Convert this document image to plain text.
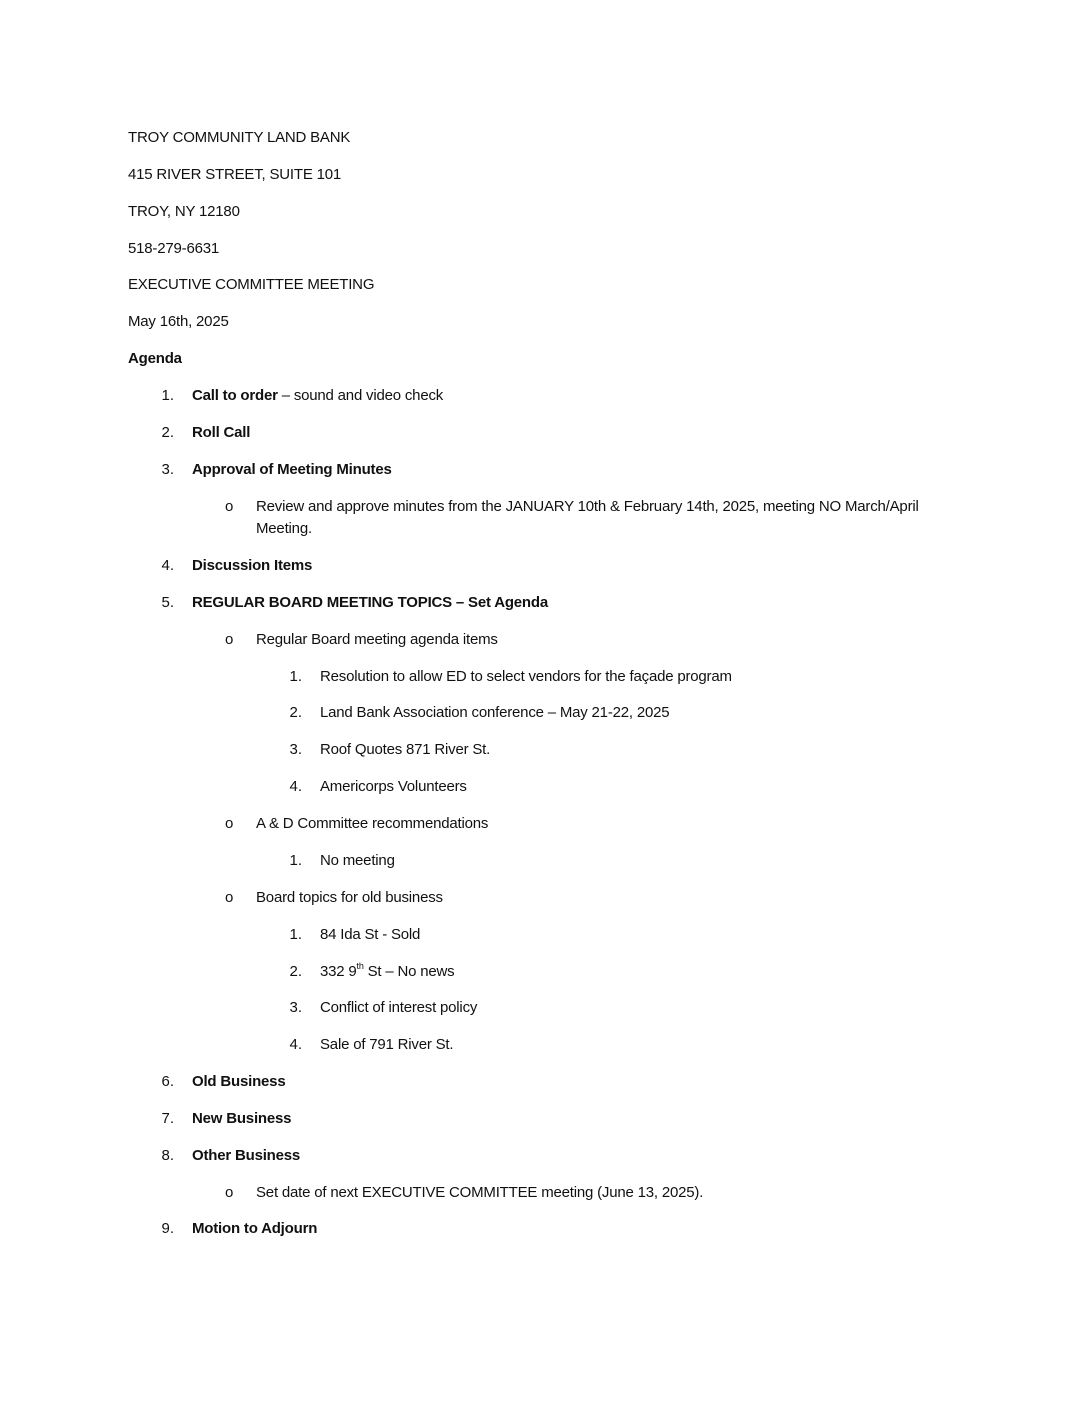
TROY COMMUNITY LAND BANK
415 RIVER STREET, SUITE 101
TROY, NY 12180
518-279-6631
EXECUTIVE COMMITTEE MEETING
May 16th, 2025
Agenda
1. Call to order – sound and video check
2. Roll Call
3. Approval of Meeting Minutes
o Review and approve minutes from the JANUARY 10th & February 14th, 2025, meeting NO March/April Meeting.
4. Discussion Items
5. REGULAR BOARD MEETING TOPICS – Set Agenda
o Regular Board meeting agenda items
1. Resolution to allow ED to select vendors for the façade program
2. Land Bank Association conference – May 21-22, 2025
3. Roof Quotes 871 River St.
4. Americorps Volunteers
o A & D Committee recommendations
1. No meeting
o Board topics for old business
1. 84 Ida St - Sold
2. 332 9th St – No news
3. Conflict of interest policy
4. Sale of 791 River St.
6. Old Business
7. New Business
8. Other Business
o Set date of next EXECUTIVE COMMITTEE meeting (June 13, 2025).
9. Motion to Adjourn
